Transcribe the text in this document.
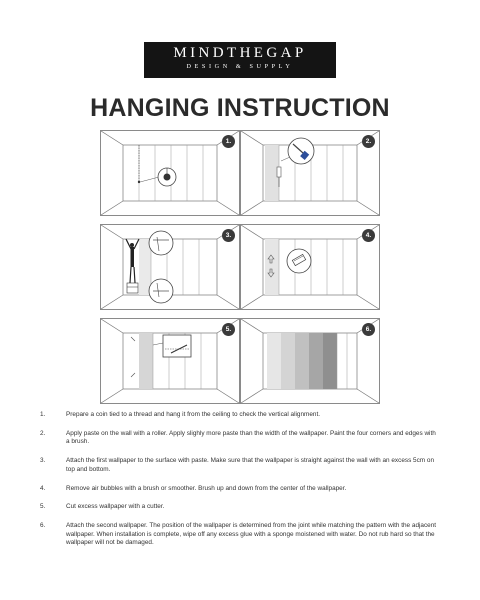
MINDTHEGAP
DESIGN & SUPPLY
HANGING INSTRUCTION
1.	2.
3.	4.
5.	6.
1.	Prepare a coin tied to a thread and hang it from the ceiling to check the vertical alignment.
2.	Apply paste on the wall with a roller. Apply slighly more paste than the width of the wallpaper. Paint the four corners and edges with a brush.
3.	Attach the first wallpaper to the surface with paste. Make sure that the wallpaper is straight against the wall with an excess 5cm on top and bottom.
4.	Remove air bubbles with a brush or smoother. Brush up and down from the center of the wallpaper.
5.	Cut excess wallpaper with a cutter.
6.	Attach the second wallpaper. The position of the wallpaper is determined from the joint while matching the pattern with the adjacent wallpaper. When installation is complete, wipe off any excess glue with a sponge moistened with water. Do not rub hard so that the wallpaper will not be damaged.
